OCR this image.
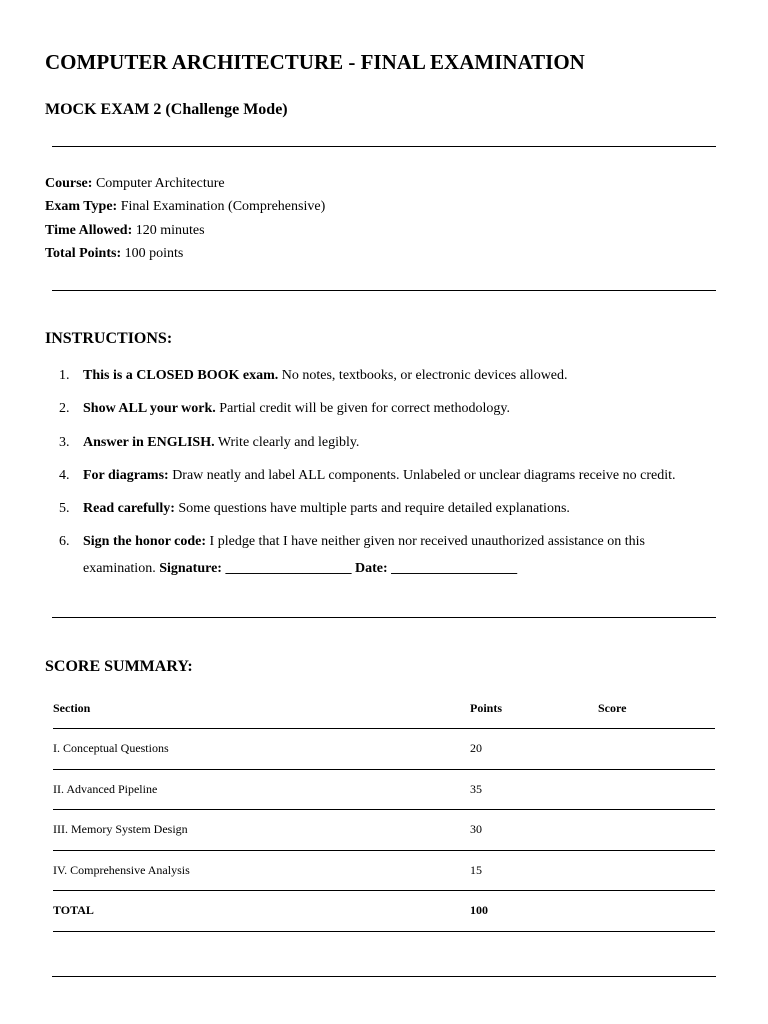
COMPUTER ARCHITECTURE - FINAL EXAMINATION
MOCK EXAM 2 (Challenge Mode)
Course: Computer Architecture
Exam Type: Final Examination (Comprehensive)
Time Allowed: 120 minutes
Total Points: 100 points
INSTRUCTIONS:
1. This is a CLOSED BOOK exam. No notes, textbooks, or electronic devices allowed.
2. Show ALL your work. Partial credit will be given for correct methodology.
3. Answer in ENGLISH. Write clearly and legibly.
4. For diagrams: Draw neatly and label ALL components. Unlabeled or unclear diagrams receive no credit.
5. Read carefully: Some questions have multiple parts and require detailed explanations.
6. Sign the honor code: I pledge that I have neither given nor received unauthorized assistance on this examination. Signature: __________________ Date: __________________
SCORE SUMMARY:
Section	Points	Score
I. Conceptual Questions	20
II. Advanced Pipeline	35
III. Memory System Design	30
IV. Comprehensive Analysis	15
TOTAL	100
